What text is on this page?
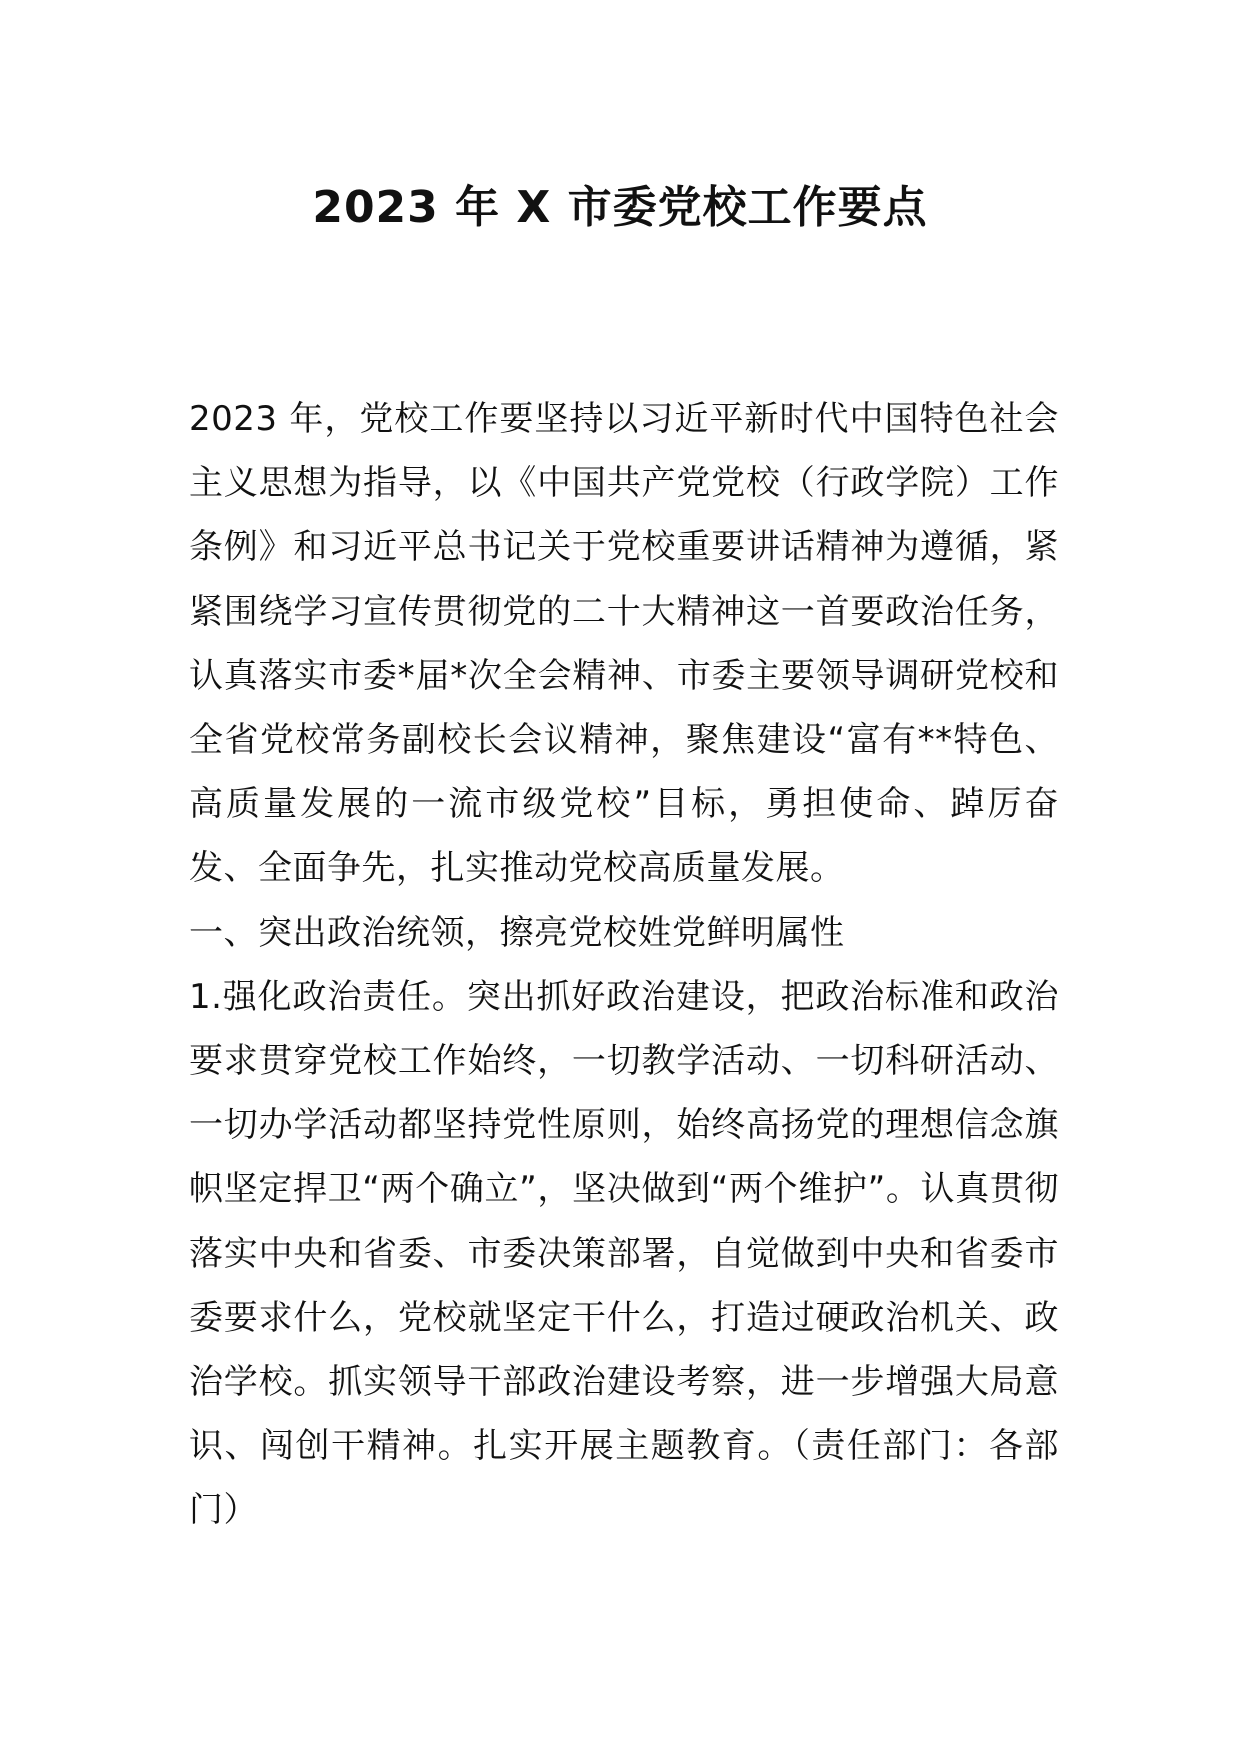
2023 年 X 市委党校工作要点

2023 年，党校工作要坚持以习近平新时代中国特色社会主义思想为指导，以《中国共产党党校（行政学院）工作条例》和习近平总书记关于党校重要讲话精神为遵循，紧紧围绕学习宣传贯彻党的二十大精神这一首要政治任务，认真落实市委*届*次全会精神、市委主要领导调研党校和全省党校常务副校长会议精神，聚焦建设“富有**特色、高质量发展的一流市级党校”目标，勇担使命、踔厉奋发、全面争先，扎实推动党校高质量发展。

一、突出政治统领，擦亮党校姓党鲜明属性

1.强化政治责任。突出抓好政治建设，把政治标准和政治要求贯穿党校工作始终，一切教学活动、一切科研活动、一切办学活动都坚持党性原则，始终高扬党的理想信念旗帜坚定捍卫“两个确立”，坚决做到“两个维护”。认真贯彻落实中央和省委、市委决策部署，自觉做到中央和省委市委要求什么，党校就坚定干什么，打造过硬政治机关、政治学校。抓实领导干部政治建设考察，进一步增强大局意识、闯创干精神。扎实开展主题教育。（责任部门：各部门）
